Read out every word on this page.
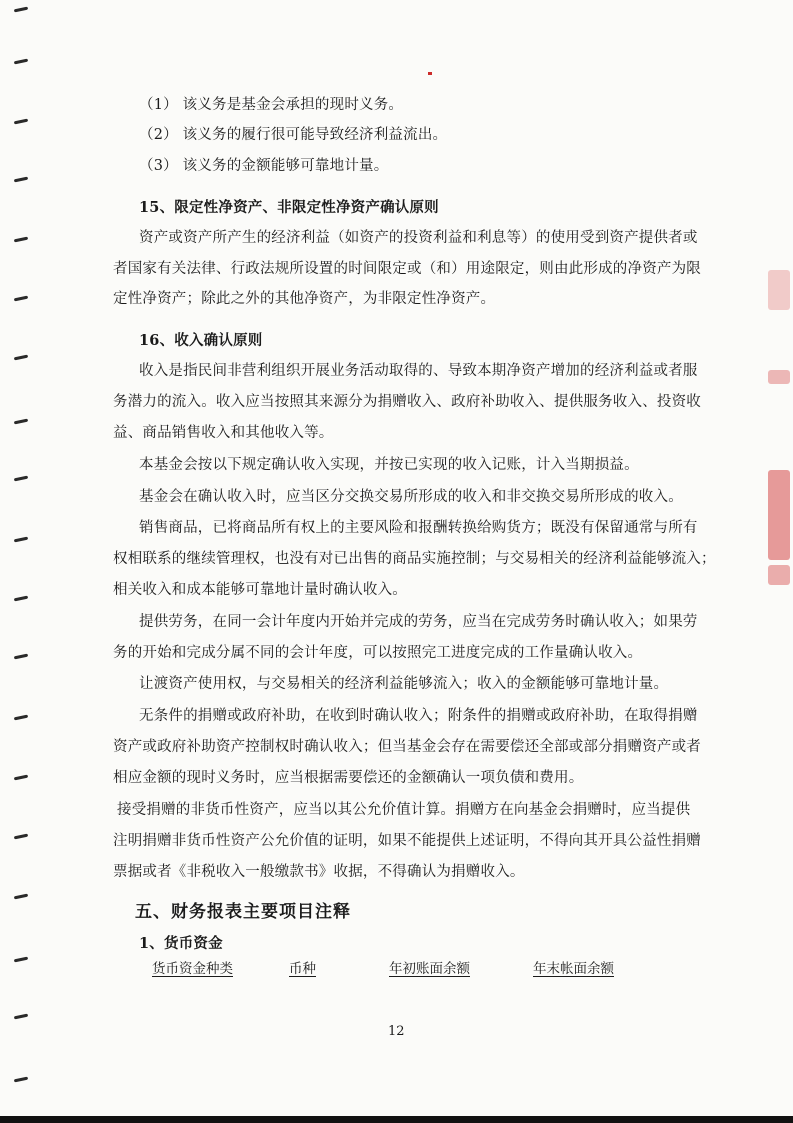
（1） 该义务是基金会承担的现时义务。

（2） 该义务的履行很可能导致经济利益流出。

（3） 该义务的金额能够可靠地计量。

15、限定性净资产、非限定性净资产确认原则

资产或资产所产生的经济利益（如资产的投资利益和利息等）的使用受到资产提供者或

者国家有关法律、行政法规所设置的时间限定或（和）用途限定，则由此形成的净资产为限

定性净资产；除此之外的其他净资产，为非限定性净资产。

16、收入确认原则

收入是指民间非营利组织开展业务活动取得的、导致本期净资产增加的经济利益或者服

务潜力的流入。收入应当按照其来源分为捐赠收入、政府补助收入、提供服务收入、投资收

益、商品销售收入和其他收入等。

本基金会按以下规定确认收入实现，并按已实现的收入记账，计入当期损益。

基金会在确认收入时，应当区分交换交易所形成的收入和非交换交易所形成的收入。

销售商品，已将商品所有权上的主要风险和报酬转换给购货方；既没有保留通常与所有

权相联系的继续管理权，也没有对已出售的商品实施控制；与交易相关的经济利益能够流入；

相关收入和成本能够可靠地计量时确认收入。

提供劳务，在同一会计年度内开始并完成的劳务，应当在完成劳务时确认收入；如果劳

务的开始和完成分属不同的会计年度，可以按照完工进度完成的工作量确认收入。

让渡资产使用权，与交易相关的经济利益能够流入；收入的金额能够可靠地计量。

无条件的捐赠或政府补助，在收到时确认收入；附条件的捐赠或政府补助，在取得捐赠

资产或政府补助资产控制权时确认收入；但当基金会存在需要偿还全部或部分捐赠资产或者

相应金额的现时义务时，应当根据需要偿还的金额确认一项负债和费用。

接受捐赠的非货币性资产，应当以其公允价值计算。捐赠方在向基金会捐赠时，应当提供

注明捐赠非货币性资产公允价值的证明，如果不能提供上述证明，不得向其开具公益性捐赠

票据或者《非税收入一般缴款书》收据，不得确认为捐赠收入。

五、财务报表主要项目注释

1、货币资金

货币资金种类	币种	年初账面余额	年末帐面余额
12
